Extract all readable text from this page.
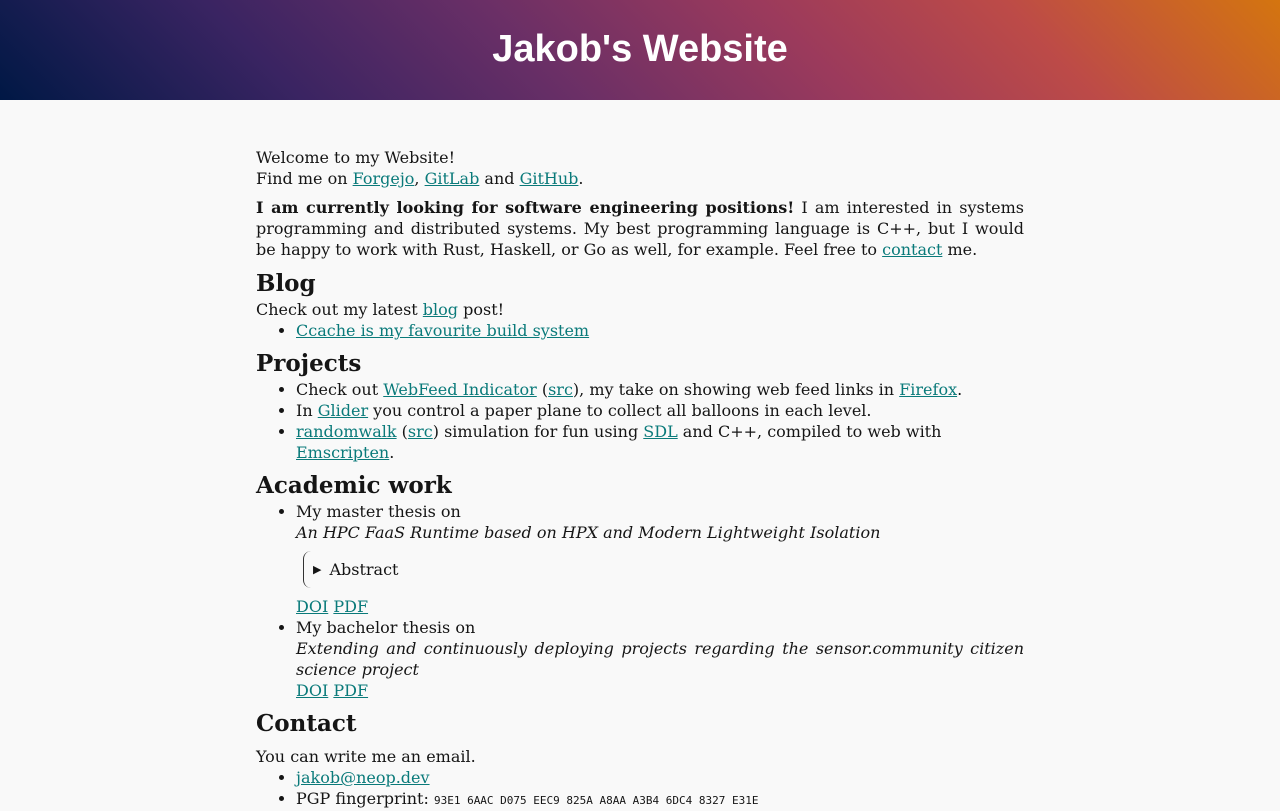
Jakob's Website

Welcome to my Website!

Find me on Forgejo, GitLab and GitHub.

I am currently looking for software engineering positions! I am interested in systems programming and distributed systems. My best programming language is C++, but I would be happy to work with Rust, Haskell, or Go as well, for example. Feel free to contact me.

Blog

Check out my latest blog post!

• Ccache is my favourite build system
Projects
• Check out WebFeed Indicator (src), my take on showing web feed links in Firefox.
• In Glider you control a paper plane to collect all balloons in each level.
• randomwalk (src) simulation for fun using SDL and C++, compiled to web with Emscripten.
Academic work
• My master thesis on
An HPC FaaS Runtime based on HPX and Modern Lightweight Isolation
▶ Abstract
DOI PDF
• My bachelor thesis on
Extending and continuously deploying projects regarding the sensor.community citizen science project
DOI PDF
Contact

You can write me an email.

• jakob@neop.dev
• PGP fingerprint: 93E1 6AAC D075 EEC9 825A A8AA A3B4 6DC4 8327 E31E
